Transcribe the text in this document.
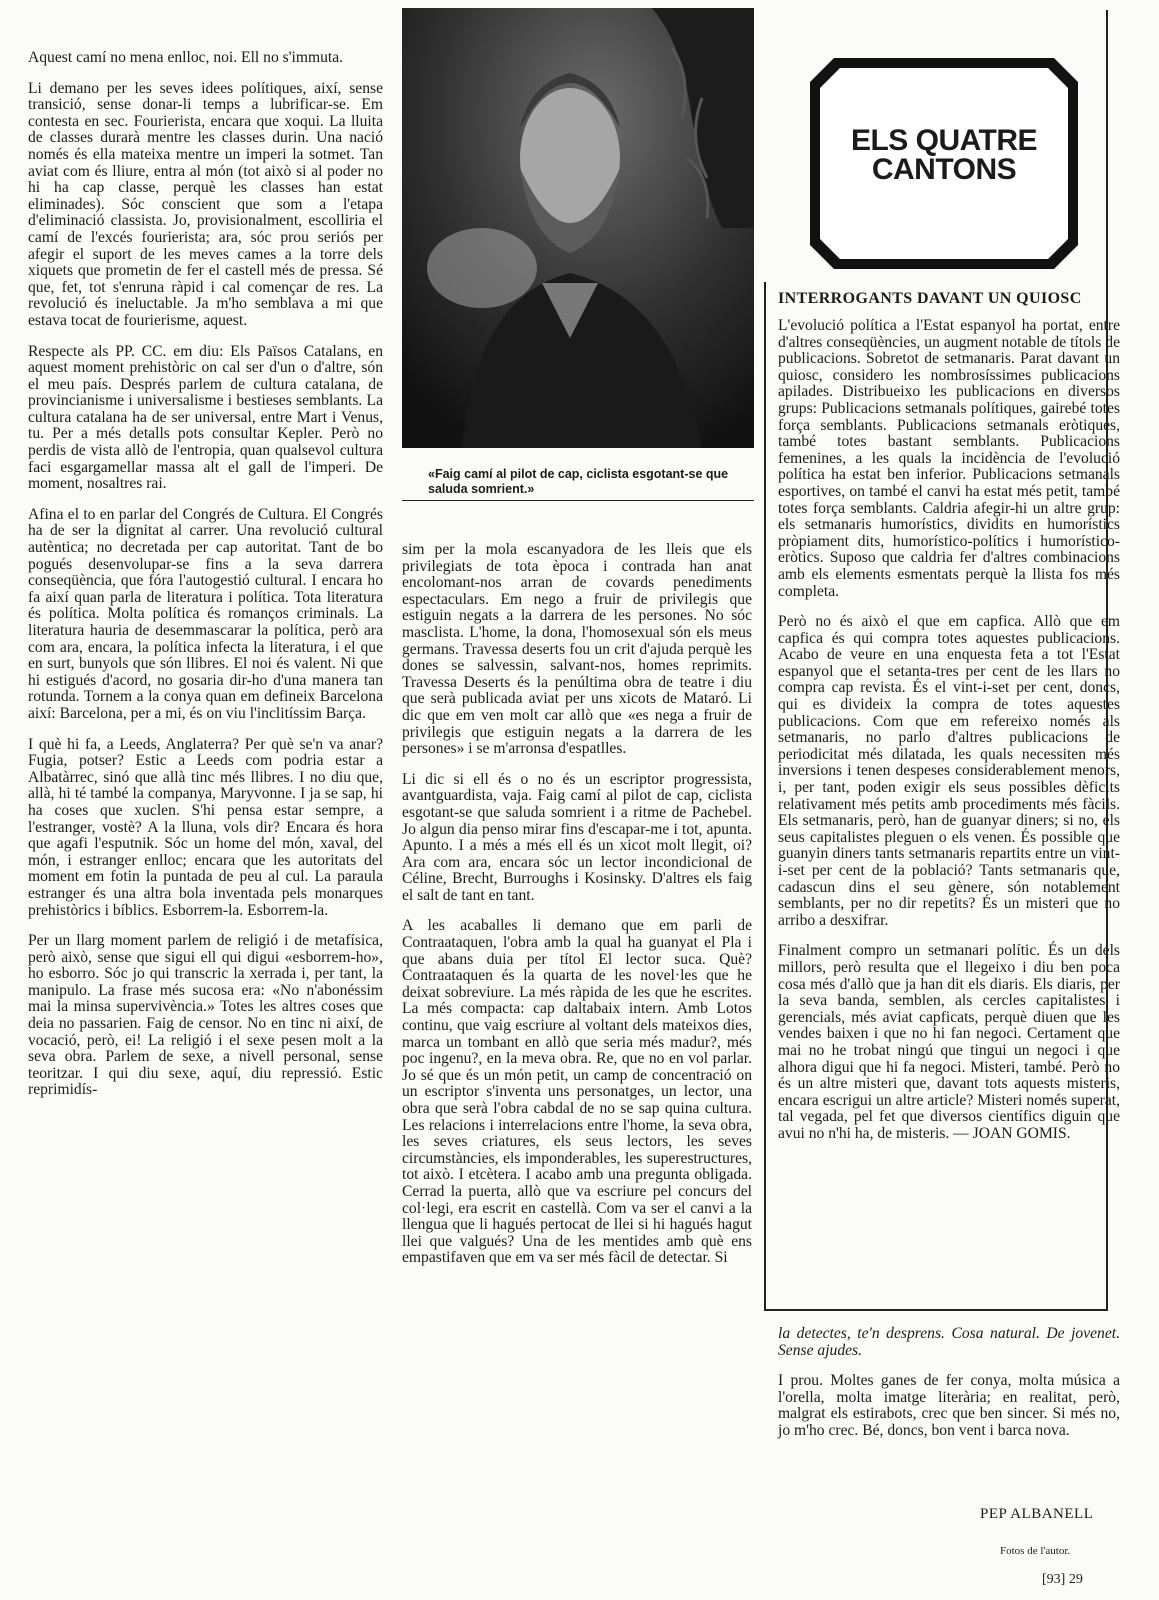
Aquest camí no mena enlloc, noi. Ell no s'immuta.

Li demano per les seves idees polítiques, així, sense transició, sense donar-li temps a lubrificar-se. Em contesta en sec. Fourierista, encara que xoqui. La lluita de classes durarà mentre les classes durin. Una nació només és ella mateixa mentre un imperi la sotmet. Tan aviat com és lliure, entra al món (tot això si al poder no hi ha cap classe, perquè les classes han estat eliminades). Sóc conscient que som a l'etapa d'eliminació classista. Jo, provisionalment, escolliria el camí de l'excés fourierista; ara, sóc prou seriós per afegir el suport de les meves cames a la torre dels xiquets que prometin de fer el castell més de pressa. Sé que, fet, tot s'enruna ràpid i cal començar de res. La revolució és ineluctable. Ja m'ho semblava a mi que estava tocat de fourierisme, aquest.

Respecte als PP. CC. em diu: Els Països Catalans, en aquest moment prehistòric on cal ser d'un o d'altre, són el meu país. Després parlem de cultura catalana, de provincianisme i universalisme i bestieses semblants. La cultura catalana ha de ser universal, entre Mart i Venus, tu. Per a més detalls pots consultar Kepler. Però no perdis de vista allò de l'entropia, quan qualsevol cultura faci esgargamellar massa alt el gall de l'imperi. De moment, nosaltres rai.

Afina el to en parlar del Congrés de Cultura. El Congrés ha de ser la dignitat al carrer. Una revolució cultural autèntica; no decretada per cap autoritat. Tant de bo pogués desenvolupar-se fins a la seva darrera conseqüència, que fóra l'autogestió cultural. I encara ho fa així quan parla de literatura i política. Tota literatura és política. Molta política és romanços criminals. La literatura hauria de desemmascarar la política, però ara com ara, encara, la política infecta la literatura, i el que en surt, bunyols que són llibres. El noi és valent. Ni que hi estigués d'acord, no gosaria dir-ho d'una manera tan rotunda. Tornem a la conya quan em defineix Barcelona així: Barcelona, per a mi, és on viu l'inclitíssim Barça.

I què hi fa, a Leeds, Anglaterra? Per què se'n va anar? Fugia, potser? Estic a Leeds com podria estar a Albatàrrec, sinó que allà tinc més llibres. I no diu que, allà, hi té també la companya, Maryvonne. I ja se sap, hi ha coses que xuclen. S'hi pensa estar sempre, a l'estranger, vostè? A la lluna, vols dir? Encara és hora que agafi l'esputnik. Sóc un home del món, xaval, del món, i estranger enlloc; encara que les autoritats del moment em fotin la puntada de peu al cul. La paraula estranger és una altra bola inventada pels monarques prehistòrics i bíblics. Esborrem-la. Esborrem-la.

Per un llarg moment parlem de religió i de metafísica, però això, sense que sigui ell qui digui «esborrem-ho», ho esborro. Sóc jo qui transcric la xerrada i, per tant, la manipulo. La frase més sucosa era: «No n'abonéssim mai la minsa supervivència.» Totes les altres coses que deia no passarien. Faig de censor. No en tinc ni així, de vocació, però, ei! La religió i el sexe pesen molt a la seva obra. Parlem de sexe, a nivell personal, sense teoritzar. I qui diu sexe, aquí, diu repressió. Estic reprimidís-

«Faig camí al pilot de cap, ciclista esgotant-se que saluda somrient.»

sim per la mola escanyadora de les lleis que els privilegiats de tota època i contrada han anat encolomant-nos arran de covards penediments espectaculars. Em nego a fruir de privilegis que estiguin negats a la darrera de les persones. No sóc masclista. L'home, la dona, l'homosexual són els meus germans. Travessa deserts fou un crit d'ajuda perquè les dones se salvessin, salvant-nos, homes reprimits. Travessa Deserts és la penúltima obra de teatre i diu que serà publicada aviat per uns xicots de Mataró. Li dic que em ven molt car allò que «es nega a fruir de privilegis que estiguin negats a la darrera de les persones» i se m'arronsa d'espatlles.

Li dic si ell és o no és un escriptor progressista, avantguardista, vaja. Faig camí al pilot de cap, ciclista esgotant-se que saluda somrient i a ritme de Pachebel. Jo algun dia penso mirar fins d'escapar-me i tot, apunta. Apunto. I a més a més ell és un xicot molt llegit, oi? Ara com ara, encara sóc un lector incondicional de Céline, Brecht, Burroughs i Kosinsky. D'altres els faig el salt de tant en tant.

A les acaballes li demano que em parli de Contraataquen, l'obra amb la qual ha guanyat el Pla i que abans duia per títol El lector suca. Què? Contraataquen és la quarta de les novel·les que he deixat sobreviure. La més ràpida de les que he escrites. La més compacta: cap daltabaix intern. Amb Lotos continu, que vaig escriure al voltant dels mateixos dies, marca un tombant en allò que seria més madur?, més poc ingenu?, en la meva obra. Re, que no en vol parlar. Jo sé que és un món petit, un camp de concentració on un escriptor s'inventa uns personatges, un lector, una obra que serà l'obra cabdal de no se sap quina cultura. Les relacions i interrelacions entre l'home, la seva obra, les seves criatures, els seus lectors, les seves circumstàncies, els imponderables, les superestructures, tot això. I etcètera. I acabo amb una pregunta obligada. Cerrad la puerta, allò que va escriure pel concurs del col·legi, era escrit en castellà. Com va ser el canvi a la llengua que li hagués pertocat de llei si hi hagués hagut llei que valgués? Una de les mentides amb què ens empastifaven que em va ser més fàcil de detectar. Si

ELS QUATRE
CANTONS
INTERROGANTS DAVANT UN QUIOSC

L'evolució política a l'Estat espanyol ha portat, entre d'altres conseqüències, un augment notable de títols de publicacions. Sobretot de setmanaris. Parat davant un quiosc, considero les nombrosíssimes publicacions apilades. Distribueixo les publicacions en diversos grups: Publicacions setmanals polítiques, gairebé totes força semblants. Publicacions setmanals eròtiques, també totes bastant semblants. Publicacions femenines, a les quals la incidència de l'evolució política ha estat ben inferior. Publicacions setmanals esportives, on també el canvi ha estat més petit, també totes força semblants. Caldria afegir-hi un altre grup: els setmanaris humorístics, dividits en humorístics pròpiament dits, humorístico-polítics i humorístico-eròtics. Suposo que caldria fer d'altres combinacions amb els elements esmentats perquè la llista fos més completa.

Però no és això el que em capfica. Allò que em capfica és qui compra totes aquestes publicacions. Acabo de veure en una enquesta feta a tot l'Estat espanyol que el setanta-tres per cent de les llars no compra cap revista. És el vint-i-set per cent, doncs, qui es divideix la compra de totes aquestes publicacions. Com que em refereixo només als setmanaris, no parlo d'altres publicacions de periodicitat més dilatada, les quals necessiten més inversions i tenen despeses considerablement menors, i, per tant, poden exigir els seus possibles dèficits relativament més petits amb procediments més fàcils. Els setmanaris, però, han de guanyar diners; si no, els seus capitalistes pleguen o els venen. És possible que guanyin diners tants setmanaris repartits entre un vint-i-set per cent de la població? Tants setmanaris que, cadascun dins el seu gènere, són notablement semblants, per no dir repetits? És un misteri que no arribo a desxifrar.

Finalment compro un setmanari polític. És un dels millors, però resulta que el llegeixo i diu ben poca cosa més d'allò que ja han dit els diaris. Els diaris, per la seva banda, semblen, als cercles capitalistes i gerencials, més aviat capficats, perquè diuen que les vendes baixen i que no hi fan negoci. Certament que mai no he trobat ningú que tingui un negoci i que alhora digui que hi fa negoci. Misteri, també. Però no és un altre misteri que, davant tots aquests misteris, encara escrigui un altre article? Misteri només superat, tal vegada, pel fet que diversos científics diguin que avui no n'hi ha, de misteris. — JOAN GOMIS.

la detectes, te'n desprens. Cosa natural. De jovenet. Sense ajudes.

I prou. Moltes ganes de fer conya, molta música a l'orella, molta imatge literària; en realitat, però, malgrat els estirabots, crec que ben sincer. Si més no, jo m'ho crec. Bé, doncs, bon vent i barca nova.

PEP ALBANELL
Fotos de l'autor.
[93] 29
